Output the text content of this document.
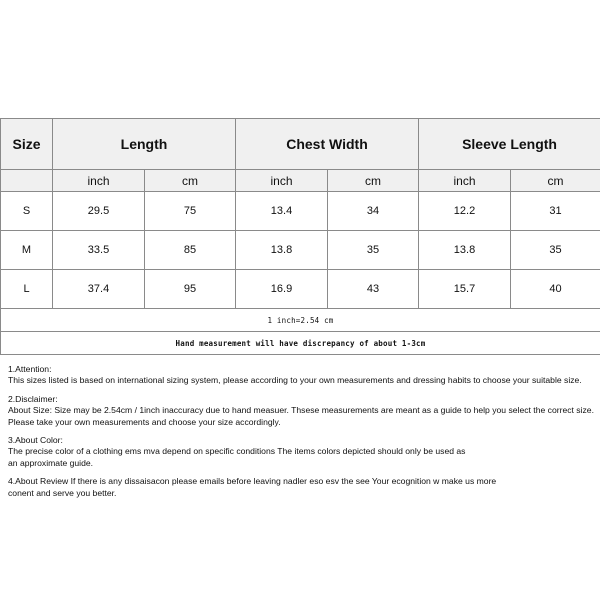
Size	Length		Chest Width		Sleeve Length	
	inch	cm	inch	cm	inch	cm
S	29.5	75	13.4	34	12.2	31
M	33.5	85	13.8	35	13.8	35
L	37.4	95	16.9	43	15.7	40
1 inch=2.54 cm						
Hand measurement will have discrepancy of about 1-3cm						
1.Attention:
This sizes listed is based on international sizing system, please according to your own measurements and dressing habits to choose your suitable size.
2.Disclaimer:
About Size: Size may be 2.54cm / 1inch inaccuracy due to hand measuer. Thsese measurements are meant as a guide to help you select the correct size.
Please take your own measurements and choose your size accordingly.
3.About Color:
The precise color of a clothing ems mva depend on specific conditions The items colors depicted should only be used as
an approximate guide.
4.About Review If there is any dissaisacon please emails before leaving nadler eso esv the see Your ecognition w make us more
conent and serve you better.
